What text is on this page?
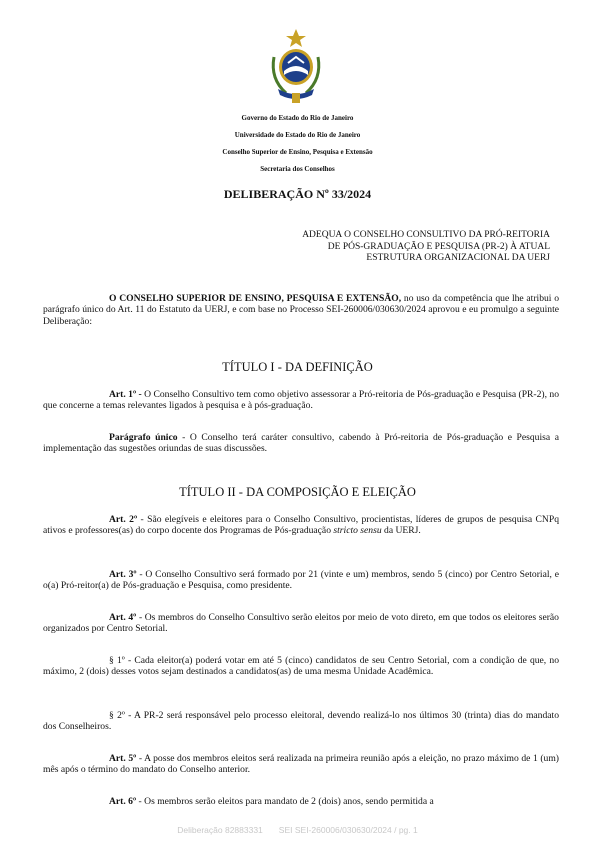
Governo do Estado do Rio de Janeiro
Universidade do Estado do Rio de Janeiro
Conselho Superior de Ensino, Pesquisa e Extensão
Secretaria dos Conselhos
DELIBERAÇÃO Nº 33/2024
ADEQUA O CONSELHO CONSULTIVO DA PRÓ-REITORIA
DE PÓS-GRADUAÇÃO E PESQUISA (PR-2) À ATUAL
ESTRUTURA ORGANIZACIONAL DA UERJ
O CONSELHO SUPERIOR DE ENSINO, PESQUISA E EXTENSÃO, no uso da competência que lhe atribui o parágrafo único do Art. 11 do Estatuto da UERJ, e com base no Processo SEI-260006/030630/2024 aprovou e eu promulgo a seguinte Deliberação:
TÍTULO I - DA DEFINIÇÃO
Art. 1º - O Conselho Consultivo tem como objetivo assessorar a Pró-reitoria de Pós-graduação e Pesquisa (PR-2), no que concerne a temas relevantes ligados à pesquisa e à pós-graduação.
Parágrafo único - O Conselho terá caráter consultivo, cabendo à Pró-reitoria de Pós-graduação e Pesquisa a implementação das sugestões oriundas de suas discussões.
TÍTULO II - DA COMPOSIÇÃO E ELEIÇÃO
Art. 2º - São elegíveis e eleitores para o Conselho Consultivo, procientistas, líderes de grupos de pesquisa CNPq ativos e professores(as) do corpo docente dos Programas de Pós-graduação stricto sensu da UERJ.
Art. 3º - O Conselho Consultivo será formado por 21 (vinte e um) membros, sendo 5 (cinco) por Centro Setorial, e o(a) Pró-reitor(a) de Pós-graduação e Pesquisa, como presidente.
Art. 4º - Os membros do Conselho Consultivo serão eleitos por meio de voto direto, em que todos os eleitores serão organizados por Centro Setorial.
§ 1º - Cada eleitor(a) poderá votar em até 5 (cinco) candidatos de seu Centro Setorial, com a condição de que, no máximo, 2 (dois) desses votos sejam destinados a candidatos(as) de uma mesma Unidade Acadêmica.
§ 2º - A PR-2 será responsável pelo processo eleitoral, devendo realizá-lo nos últimos 30 (trinta) dias do mandato dos Conselheiros.
Art. 5º - A posse dos membros eleitos será realizada na primeira reunião após a eleição, no prazo máximo de 1 (um) mês após o término do mandato do Conselho anterior.
Art. 6º - Os membros serão eleitos para mandato de 2 (dois) anos, sendo permitida a
Deliberação 82883331 SEI SEI-260006/030630/2024 / pg. 1
